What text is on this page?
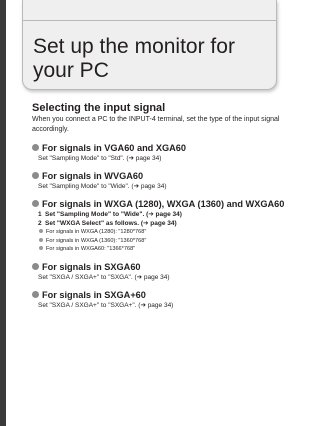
Set up the monitor for your PC
Selecting the input signal

When you connect a PC to the INPUT-4 terminal, set the type of the input signal accordingly.

For signals in VGA60 and XGA60

Set "Sampling Mode" to "Std". (➔ page 34)

For signals in WVGA60

Set "Sampling Mode" to "Wide". (➔ page 34)

For signals in WXGA (1280), WXGA (1360) and WXGA60

1 Set "Sampling Mode" to "Wide". (➔ page 34)

2 Set "WXGA Select" as follows. (➔ page 34)

For signals in WXGA (1280): "1280*768"
For signals in WXGA (1360): "1360*768"
For signals in WXGA60: "1366*768"

For signals in SXGA60

Set "SXGA / SXGA+" to "SXGA". (➔ page 34)

For signals in SXGA+60

Set "SXGA / SXGA+" to "SXGA+". (➔ page 34)
